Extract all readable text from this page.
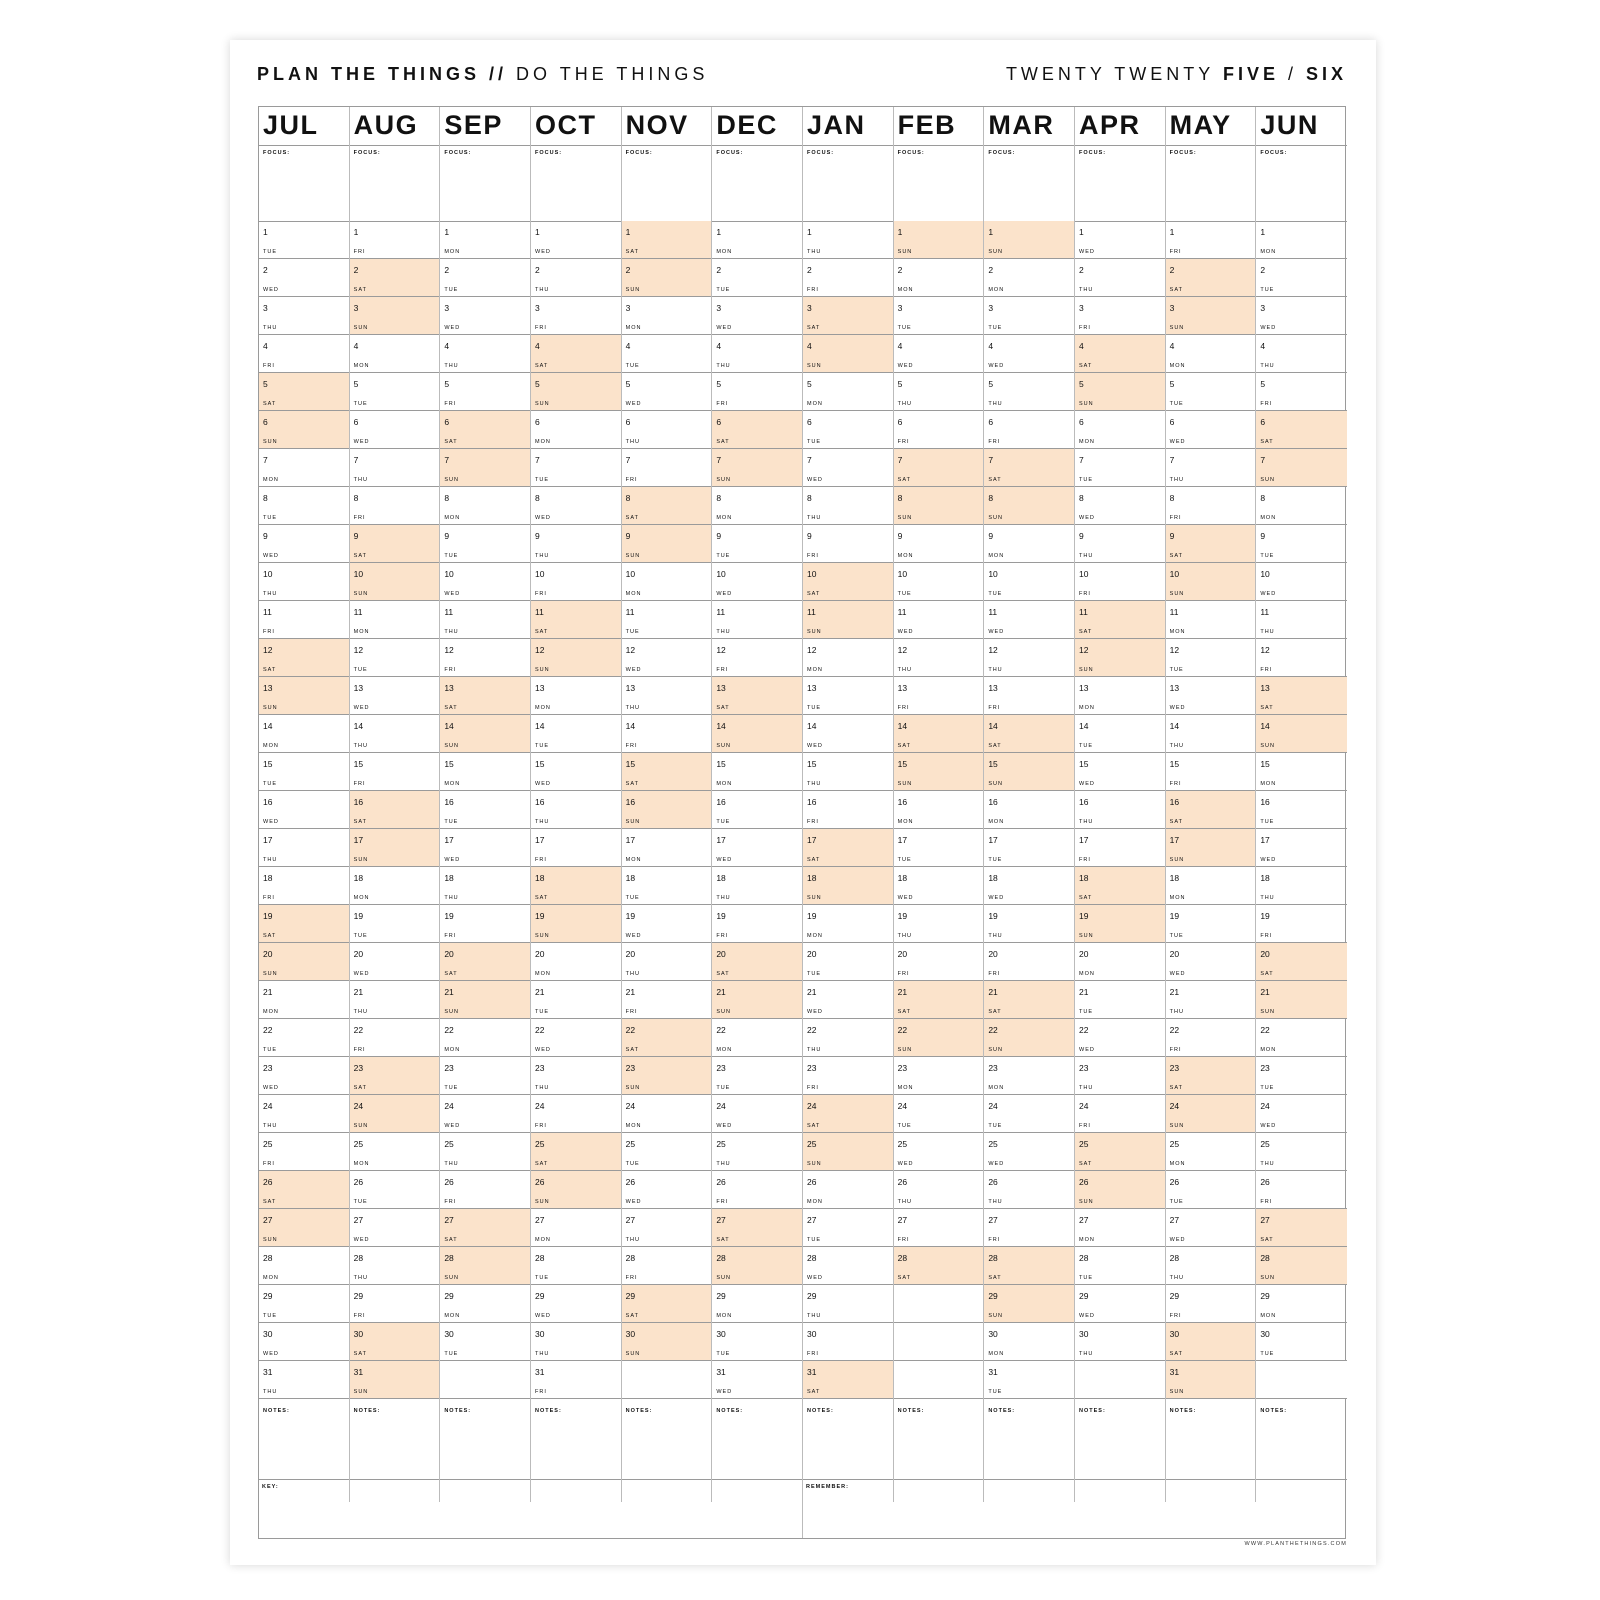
PLAN THE THINGS // DO THE THINGS	TWENTY TWENTY FIVE / SIX
JUL
FOCUS:
1
TUE
2
WED
3
THU
4
FRI
5
SAT
6
SUN
7
MON
8
TUE
9
WED
10
THU
11
FRI
12
SAT
13
SUN
14
MON
15
TUE
16
WED
17
THU
18
FRI
19
SAT
20
SUN
21
MON
22
TUE
23
WED
24
THU
25
FRI
26
SAT
27
SUN
28
MON
29
TUE
30
WED
31
THU
NOTES:
AUG
FOCUS:
1
FRI
2
SAT
3
SUN
4
MON
5
TUE
6
WED
7
THU
8
FRI
9
SAT
10
SUN
11
MON
12
TUE
13
WED
14
THU
15
FRI
16
SAT
17
SUN
18
MON
19
TUE
20
WED
21
THU
22
FRI
23
SAT
24
SUN
25
MON
26
TUE
27
WED
28
THU
29
FRI
30
SAT
31
SUN
NOTES:
SEP
FOCUS:
1
MON
2
TUE
3
WED
4
THU
5
FRI
6
SAT
7
SUN
8
MON
9
TUE
10
WED
11
THU
12
FRI
13
SAT
14
SUN
15
MON
16
TUE
17
WED
18
THU
19
FRI
20
SAT
21
SUN
22
MON
23
TUE
24
WED
25
THU
26
FRI
27
SAT
28
SUN
29
MON
30
TUE
NOTES:
OCT
FOCUS:
1
WED
2
THU
3
FRI
4
SAT
5
SUN
6
MON
7
TUE
8
WED
9
THU
10
FRI
11
SAT
12
SUN
13
MON
14
TUE
15
WED
16
THU
17
FRI
18
SAT
19
SUN
20
MON
21
TUE
22
WED
23
THU
24
FRI
25
SAT
26
SUN
27
MON
28
TUE
29
WED
30
THU
31
FRI
NOTES:
NOV
FOCUS:
1
SAT
2
SUN
3
MON
4
TUE
5
WED
6
THU
7
FRI
8
SAT
9
SUN
10
MON
11
TUE
12
WED
13
THU
14
FRI
15
SAT
16
SUN
17
MON
18
TUE
19
WED
20
THU
21
FRI
22
SAT
23
SUN
24
MON
25
TUE
26
WED
27
THU
28
FRI
29
SAT
30
SUN
NOTES:
DEC
FOCUS:
1
MON
2
TUE
3
WED
4
THU
5
FRI
6
SAT
7
SUN
8
MON
9
TUE
10
WED
11
THU
12
FRI
13
SAT
14
SUN
15
MON
16
TUE
17
WED
18
THU
19
FRI
20
SAT
21
SUN
22
MON
23
TUE
24
WED
25
THU
26
FRI
27
SAT
28
SUN
29
MON
30
TUE
31
WED
NOTES:
JAN
FOCUS:
1
THU
2
FRI
3
SAT
4
SUN
5
MON
6
TUE
7
WED
8
THU
9
FRI
10
SAT
11
SUN
12
MON
13
TUE
14
WED
15
THU
16
FRI
17
SAT
18
SUN
19
MON
20
TUE
21
WED
22
THU
23
FRI
24
SAT
25
SUN
26
MON
27
TUE
28
WED
29
THU
30
FRI
31
SAT
NOTES:
FEB
FOCUS:
1
SUN
2
MON
3
TUE
4
WED
5
THU
6
FRI
7
SAT
8
SUN
9
MON
10
TUE
11
WED
12
THU
13
FRI
14
SAT
15
SUN
16
MON
17
TUE
18
WED
19
THU
20
FRI
21
SAT
22
SUN
23
MON
24
TUE
25
WED
26
THU
27
FRI
28
SAT
NOTES:
MAR
FOCUS:
1
SUN
2
MON
3
TUE
4
WED
5
THU
6
FRI
7
SAT
8
SUN
9
MON
10
TUE
11
WED
12
THU
13
FRI
14
SAT
15
SUN
16
MON
17
TUE
18
WED
19
THU
20
FRI
21
SAT
22
SUN
23
MON
24
TUE
25
WED
26
THU
27
FRI
28
SAT
29
SUN
30
MON
31
TUE
NOTES:
APR
FOCUS:
1
WED
2
THU
3
FRI
4
SAT
5
SUN
6
MON
7
TUE
8
WED
9
THU
10
FRI
11
SAT
12
SUN
13
MON
14
TUE
15
WED
16
THU
17
FRI
18
SAT
19
SUN
20
MON
21
TUE
22
WED
23
THU
24
FRI
25
SAT
26
SUN
27
MON
28
TUE
29
WED
30
THU
NOTES:
MAY
FOCUS:
1
FRI
2
SAT
3
SUN
4
MON
5
TUE
6
WED
7
THU
8
FRI
9
SAT
10
SUN
11
MON
12
TUE
13
WED
14
THU
15
FRI
16
SAT
17
SUN
18
MON
19
TUE
20
WED
21
THU
22
FRI
23
SAT
24
SUN
25
MON
26
TUE
27
WED
28
THU
29
FRI
30
SAT
31
SUN
NOTES:
JUN
FOCUS:
1
MON
2
TUE
3
WED
4
THU
5
FRI
6
SAT
7
SUN
8
MON
9
TUE
10
WED
11
THU
12
FRI
13
SAT
14
SUN
15
MON
16
TUE
17
WED
18
THU
19
FRI
20
SAT
21
SUN
22
MON
23
TUE
24
WED
25
THU
26
FRI
27
SAT
28
SUN
29
MON
30
TUE
NOTES:
KEY:	REMEMBER:
WWW.PLANTHETHINGS.COM
